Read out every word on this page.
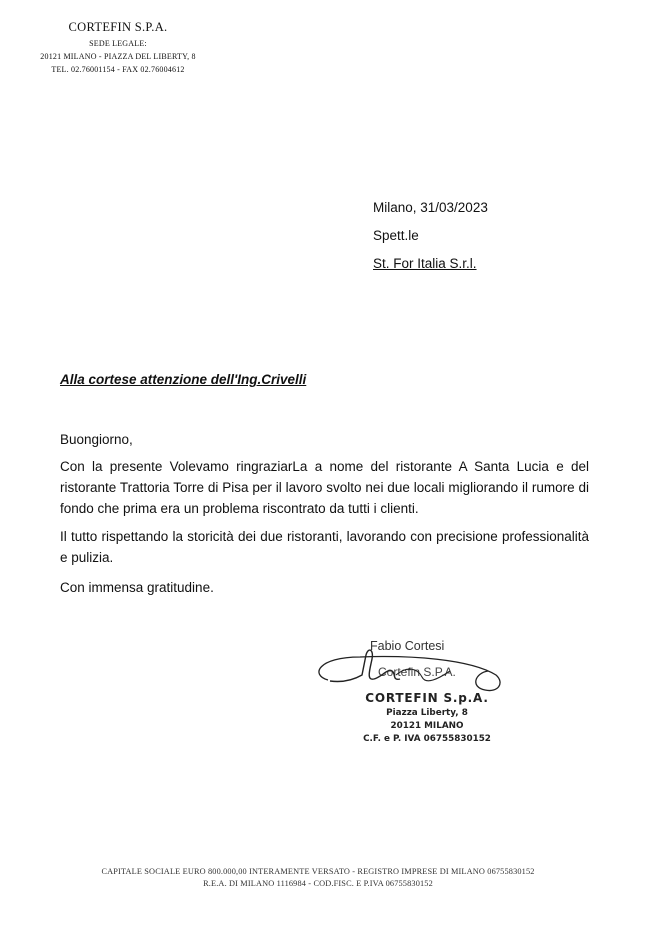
CORTEFIN S.P.A.
SEDE LEGALE:
20121 MILANO - PIAZZA DEL LIBERTY, 8
TEL. 02.76001154 - FAX 02.76004612
Milano, 31/03/2023
Spett.le
St. For Italia S.r.l.
Alla cortese attenzione dell'Ing.Crivelli

Buongiorno,

Con la presente Volevamo ringraziarLa a nome del ristorante A Santa Lucia e del ristorante Trattoria Torre di Pisa per il lavoro svolto nei due locali migliorando il rumore di fondo che prima era un problema riscontrato da tutti i clienti.

Il tutto rispettando la storicità dei due ristoranti, lavorando con precisione professionalità e pulizia.

Con immensa gratitudine.

Fabio Cortesi
Cortefin S.P.A.
CORTEFIN S.p.A.
Piazza Liberty, 8
20121 MILANO
C.F. e P. IVA 06755830152
CAPITALE SOCIALE EURO 800.000,00 INTERAMENTE VERSATO - REGISTRO IMPRESE DI MILANO 06755830152
R.E.A. DI MILANO 1116984 - COD.FISC. E P.IVA 06755830152
